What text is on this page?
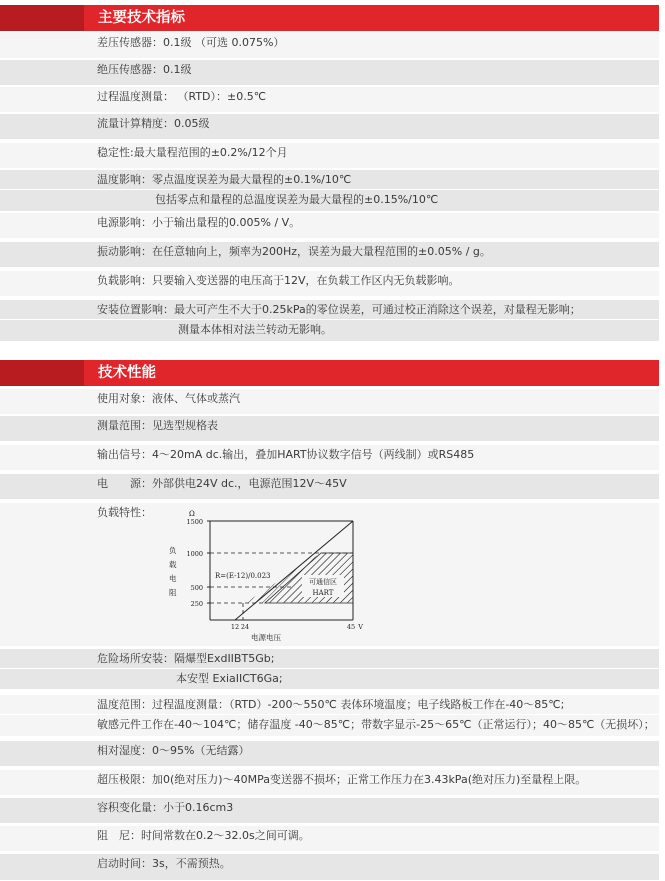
主要技术指标
差压传感器：0.1级 （可选 0.075%）
绝压传感器：0.1级
过程温度测量： （RTD）：±0.5℃
流量计算精度：0.05级
稳定性:最大量程范围的±0.2%/12个月
温度影响：零点温度误差为最大量程的±0.1%/10℃
包括零点和量程的总温度误差为最大量程的±0.15%/10℃
电源影响：小于输出量程的0.005% / V。
振动影响：在任意轴向上，频率为200Hz，误差为最大量程范围的±0.05% / g。
负载影响：只要输入变送器的电压高于12V，在负载工作区内无负载影响。
安装位置影响：最大可产生不大于0.25kPa的零位误差，可通过校正消除这个误差，对量程无影响；
测量本体相对法兰转动无影响。
技术性能
使用对象：液体、气体或蒸汽
测量范围：见选型规格表
输出信号：4～20mA dc.输出，叠加HART协议数字信号（两线制）或RS485
电　　源：外部供电24V dc.，电源范围12V～45V
负载特性：	Ω
1500
1000
500
250
负
载
电
阻
R=(E-12)/0.023
可通信区
HART
12 24	45 V
电源电压
危险场所安装：隔爆型ExdIIBT5Gb;
本安型 ExiaIICT6Ga;
温度范围：过程温度测量：（RTD）-200～550℃ 表体环境温度；电子线路板工作在-40～85℃;
敏感元件工作在-40～104℃；储存温度 -40～85℃；带数字显示-25～65℃（正常运行）；40～85℃（无损坏）；
相对湿度：0～95%（无结露）
超压极限：加0(绝对压力)～40MPa变送器不损坏；正常工作压力在3.43kPa(绝对压力)至量程上限。
容积变化量：小于0.16cm3
阻　尼：时间常数在0.2～32.0s之间可调。
启动时间：3s，不需预热。
